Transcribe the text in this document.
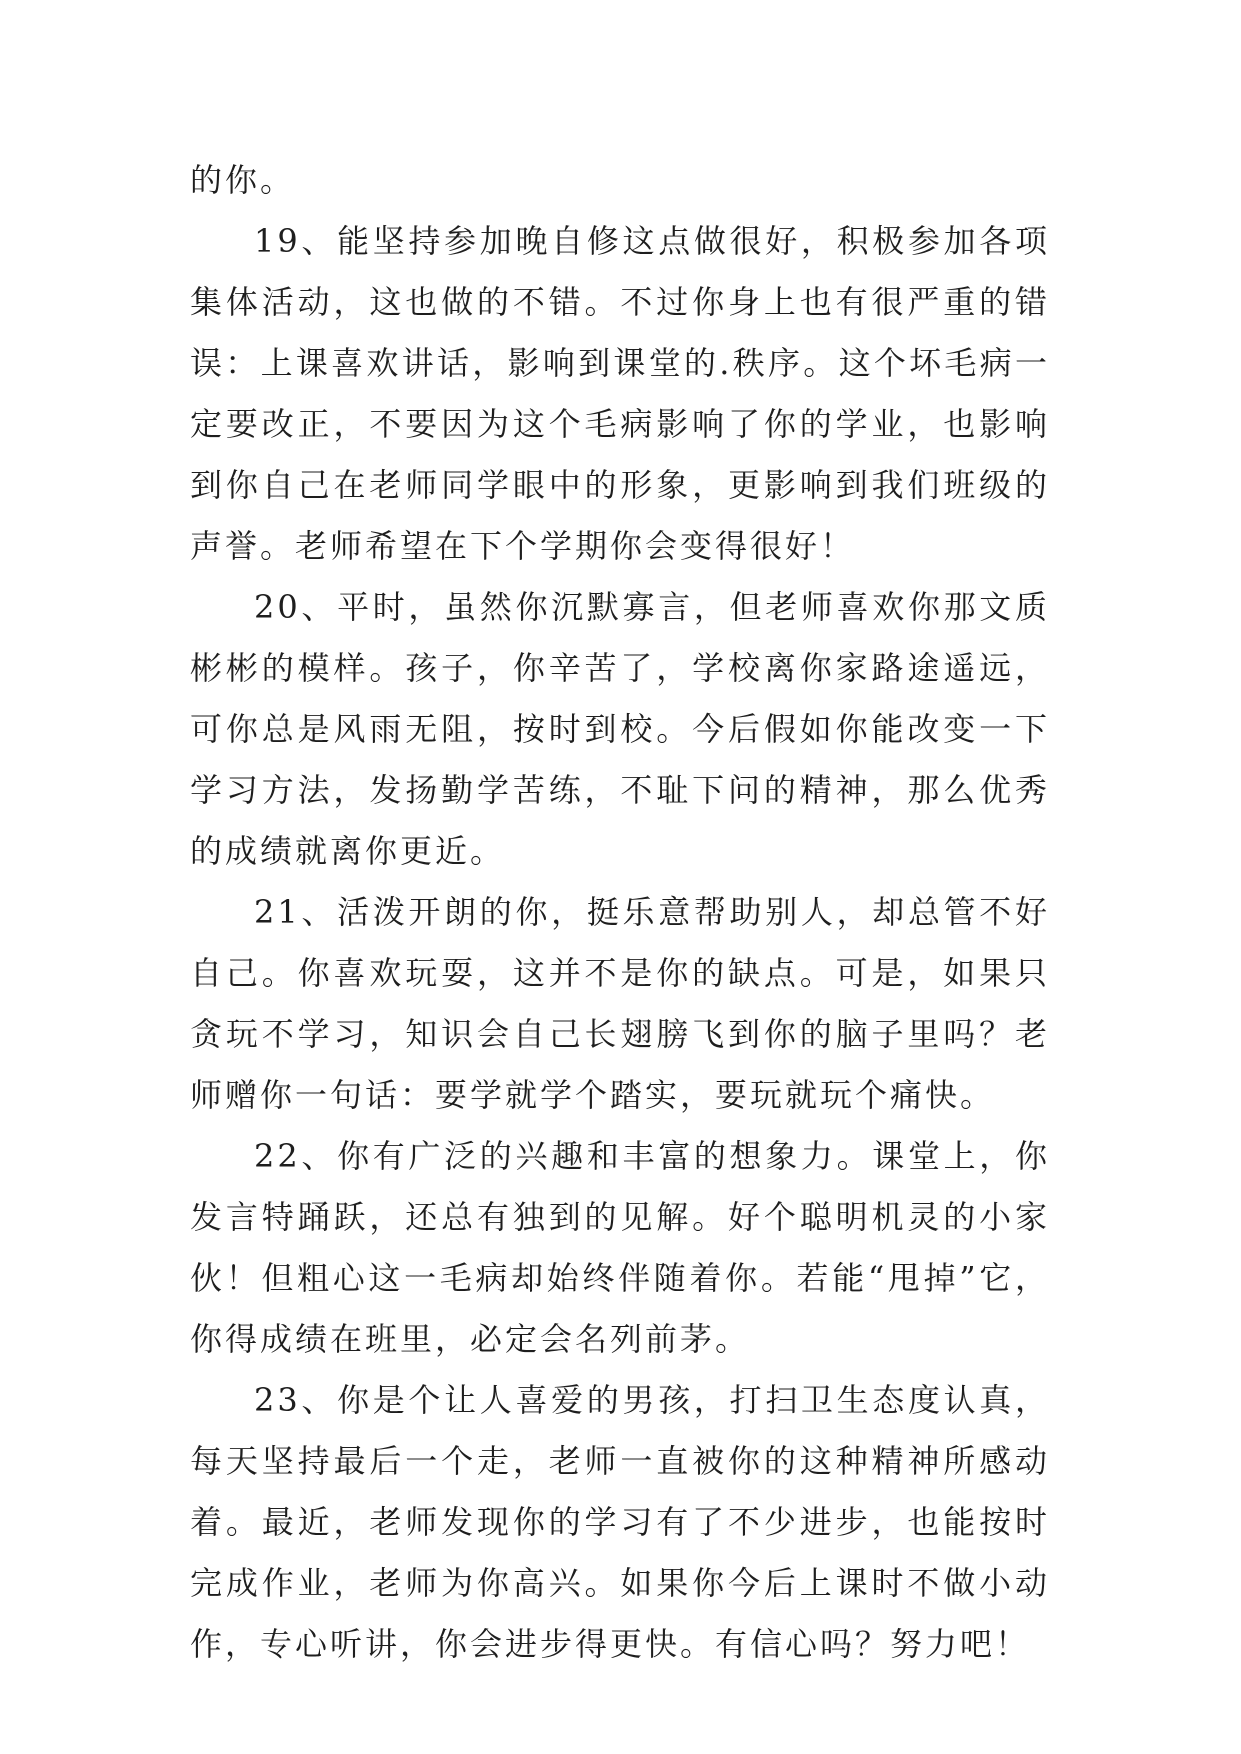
的你。

19、能坚持参加晚自修这点做很好，积极参加各项集体活动，这也做的不错。不过你身上也有很严重的错误：上课喜欢讲话，影响到课堂的.秩序。这个坏毛病一定要改正，不要因为这个毛病影响了你的学业，也影响到你自己在老师同学眼中的形象，更影响到我们班级的声誉。老师希望在下个学期你会变得很好！

20、平时，虽然你沉默寡言，但老师喜欢你那文质彬彬的模样。孩子，你辛苦了，学校离你家路途遥远，可你总是风雨无阻，按时到校。今后假如你能改变一下学习方法，发扬勤学苦练，不耻下问的精神，那么优秀的成绩就离你更近。

21、活泼开朗的你，挺乐意帮助别人，却总管不好自己。你喜欢玩耍，这并不是你的缺点。可是，如果只贪玩不学习，知识会自己长翅膀飞到你的脑子里吗？老师赠你一句话：要学就学个踏实，要玩就玩个痛快。

22、你有广泛的兴趣和丰富的想象力。课堂上，你发言特踊跃，还总有独到的见解。好个聪明机灵的小家伙！但粗心这一毛病却始终伴随着你。若能“甩掉”它，你得成绩在班里，必定会名列前茅。

23、你是个让人喜爱的男孩，打扫卫生态度认真，每天坚持最后一个走，老师一直被你的这种精神所感动着。最近，老师发现你的学习有了不少进步，也能按时完成作业，老师为你高兴。如果你今后上课时不做小动作，专心听讲，你会进步得更快。有信心吗？努力吧！
